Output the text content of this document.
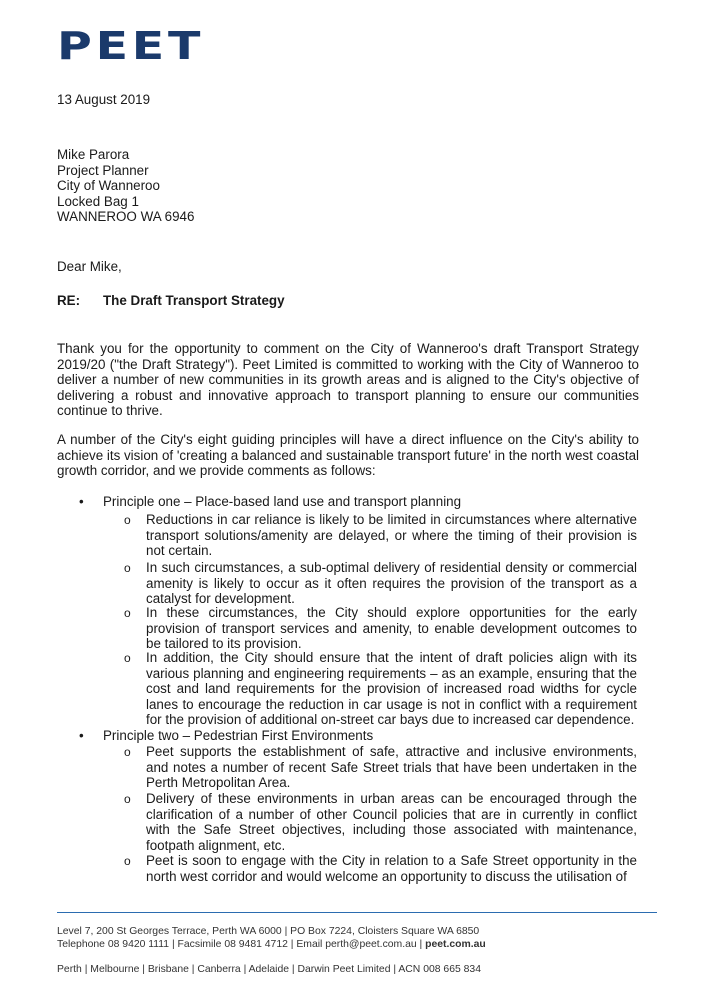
PEET
13 August 2019
Mike Parora
Project Planner
City of Wanneroo
Locked Bag 1
WANNEROO WA 6946
Dear Mike,
RE: The Draft Transport Strategy
Thank you for the opportunity to comment on the City of Wanneroo's draft Transport Strategy 2019/20 ("the Draft Strategy"). Peet Limited is committed to working with the City of Wanneroo to deliver a number of new communities in its growth areas and is aligned to the City's objective of delivering a robust and innovative approach to transport planning to ensure our communities continue to thrive.
A number of the City's eight guiding principles will have a direct influence on the City's ability to achieve its vision of 'creating a balanced and sustainable transport future' in the north west coastal growth corridor, and we provide comments as follows:
• Principle one – Place-based land use and transport planning
o Reductions in car reliance is likely to be limited in circumstances where alternative transport solutions/amenity are delayed, or where the timing of their provision is not certain.
o In such circumstances, a sub-optimal delivery of residential density or commercial amenity is likely to occur as it often requires the provision of the transport as a catalyst for development.
o In these circumstances, the City should explore opportunities for the early provision of transport services and amenity, to enable development outcomes to be tailored to its provision.
o In addition, the City should ensure that the intent of draft policies align with its various planning and engineering requirements – as an example, ensuring that the cost and land requirements for the provision of increased road widths for cycle lanes to encourage the reduction in car usage is not in conflict with a requirement for the provision of additional on-street car bays due to increased car dependence.
• Principle two – Pedestrian First Environments
o Peet supports the establishment of safe, attractive and inclusive environments, and notes a number of recent Safe Street trials that have been undertaken in the Perth Metropolitan Area.
o Delivery of these environments in urban areas can be encouraged through the clarification of a number of other Council policies that are in currently in conflict with the Safe Street objectives, including those associated with maintenance, footpath alignment, etc.
o Peet is soon to engage with the City in relation to a Safe Street opportunity in the north west corridor and would welcome an opportunity to discuss the utilisation of
Level 7, 200 St Georges Terrace, Perth WA 6000 | PO Box 7224, Cloisters Square WA 6850
Telephone 08 9420 1111 | Facsimile 08 9481 4712 | Email perth@peet.com.au | peet.com.au
Perth | Melbourne | Brisbane | Canberra | Adelaide | Darwin Peet Limited | ACN 008 665 834
